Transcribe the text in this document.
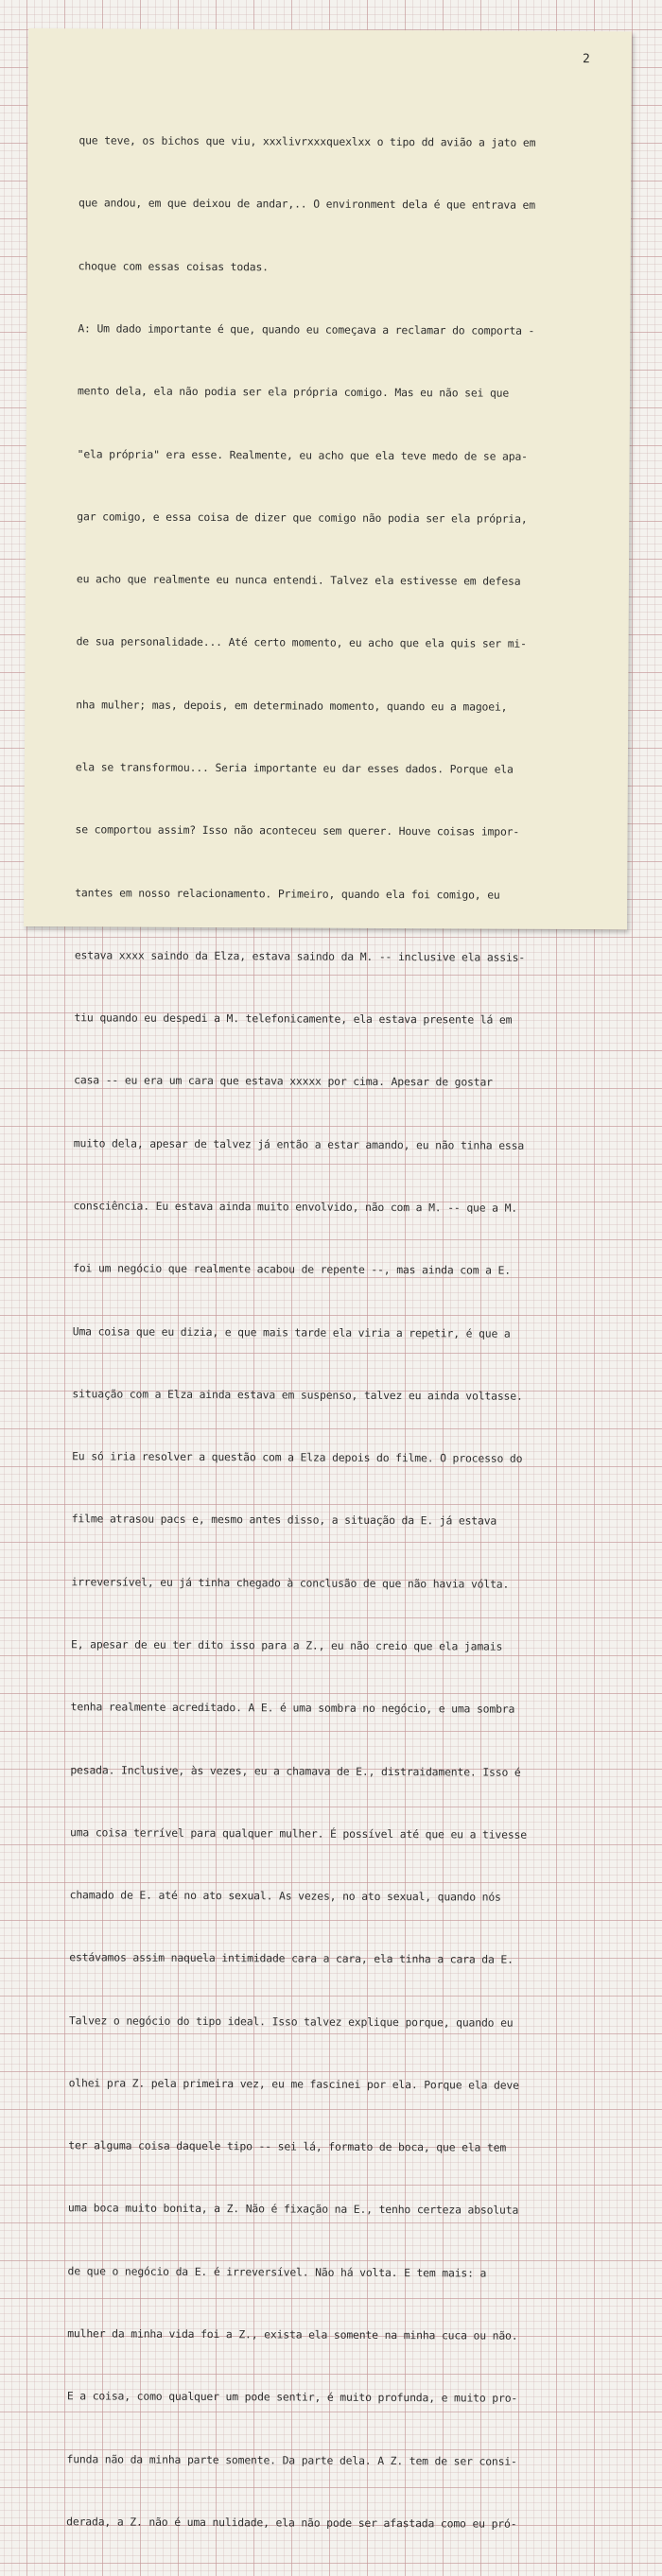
2

que teve, os bichos que viu, xxxlivrxxxquexlxx o tipo dd avião a jato em

que andou, em que deixou de andar,.. O environment dela é que entrava em

choque com essas coisas todas.

A: Um dado importante é que, quando eu começava a reclamar do comporta -

mento dela, ela não podia ser ela própria comigo. Mas eu não sei que

"ela própria" era esse. Realmente, eu acho que ela teve medo de se apa-

gar comigo, e essa coisa de dizer que comigo não podia ser ela própria,

eu acho que realmente eu nunca entendi. Talvez ela estivesse em defesa

de sua personalidade... Até certo momento, eu acho que ela quis ser mi-

nha mulher; mas, depois, em determinado momento, quando eu a magoei,

ela se transformou... Seria importante eu dar esses dados. Porque ela

se comportou assim? Isso não aconteceu sem querer. Houve coisas impor-

tantes em nosso relacionamento. Primeiro, quando ela foi comigo, eu

estava xxxx saindo da Elza, estava saindo da M. -- inclusive ela assis-

tiu quando eu despedi a M. telefonicamente, ela estava presente lá em

casa -- eu era um cara que estava xxxxx por cima. Apesar de gostar

muito dela, apesar de talvez já então a estar amando, eu não tinha essa

consciência. Eu estava ainda muito envolvido, não com a M. -- que a M.

foi um negócio que realmente acabou de repente --, mas ainda com a E.

Uma coisa que eu dizia, e que mais tarde ela viria a repetir, é que a

situação com a Elza ainda estava em suspenso, talvez eu ainda voltasse.

Eu só iria resolver a questão com a Elza depois do filme. O processo do

filme atrasou pacs e, mesmo antes disso, a situação da E. já estava

irreversível, eu já tinha chegado à conclusão de que não havia vólta.

E, apesar de eu ter dito isso para a Z., eu não creio que ela jamais

tenha realmente acreditado. A E. é uma sombra no negócio, e uma sombra

pesada. Inclusive, às vezes, eu a chamava de E., distraidamente. Isso é

uma coisa terrível para qualquer mulher. É possível até que eu a tivesse

chamado de E. até no ato sexual. As vezes, no ato sexual, quando nós

estávamos assim naquela intimidade cara a cara, ela tinha a cara da E.

Talvez o negócio do tipo ideal. Isso talvez explique porque, quando eu

olhei pra Z. pela primeira vez, eu me fascinei por ela. Porque ela deve

ter alguma coisa daquele tipo -- sei lá, formato de boca, que ela tem

uma boca muito bonita, a Z. Não é fixação na E., tenho certeza absoluta

de que o negócio da E. é irreversível. Não há volta. E tem mais: a

mulher da minha vida foi a Z., exista ela somente na minha cuca ou não.

E a coisa, como qualquer um pode sentir, é muito profunda, e muito pro-

funda não da minha parte somente. Da parte dela. A Z. tem de ser consi-

derada, a Z. não é uma nulidade, ela não pode ser afastada como eu pró-
